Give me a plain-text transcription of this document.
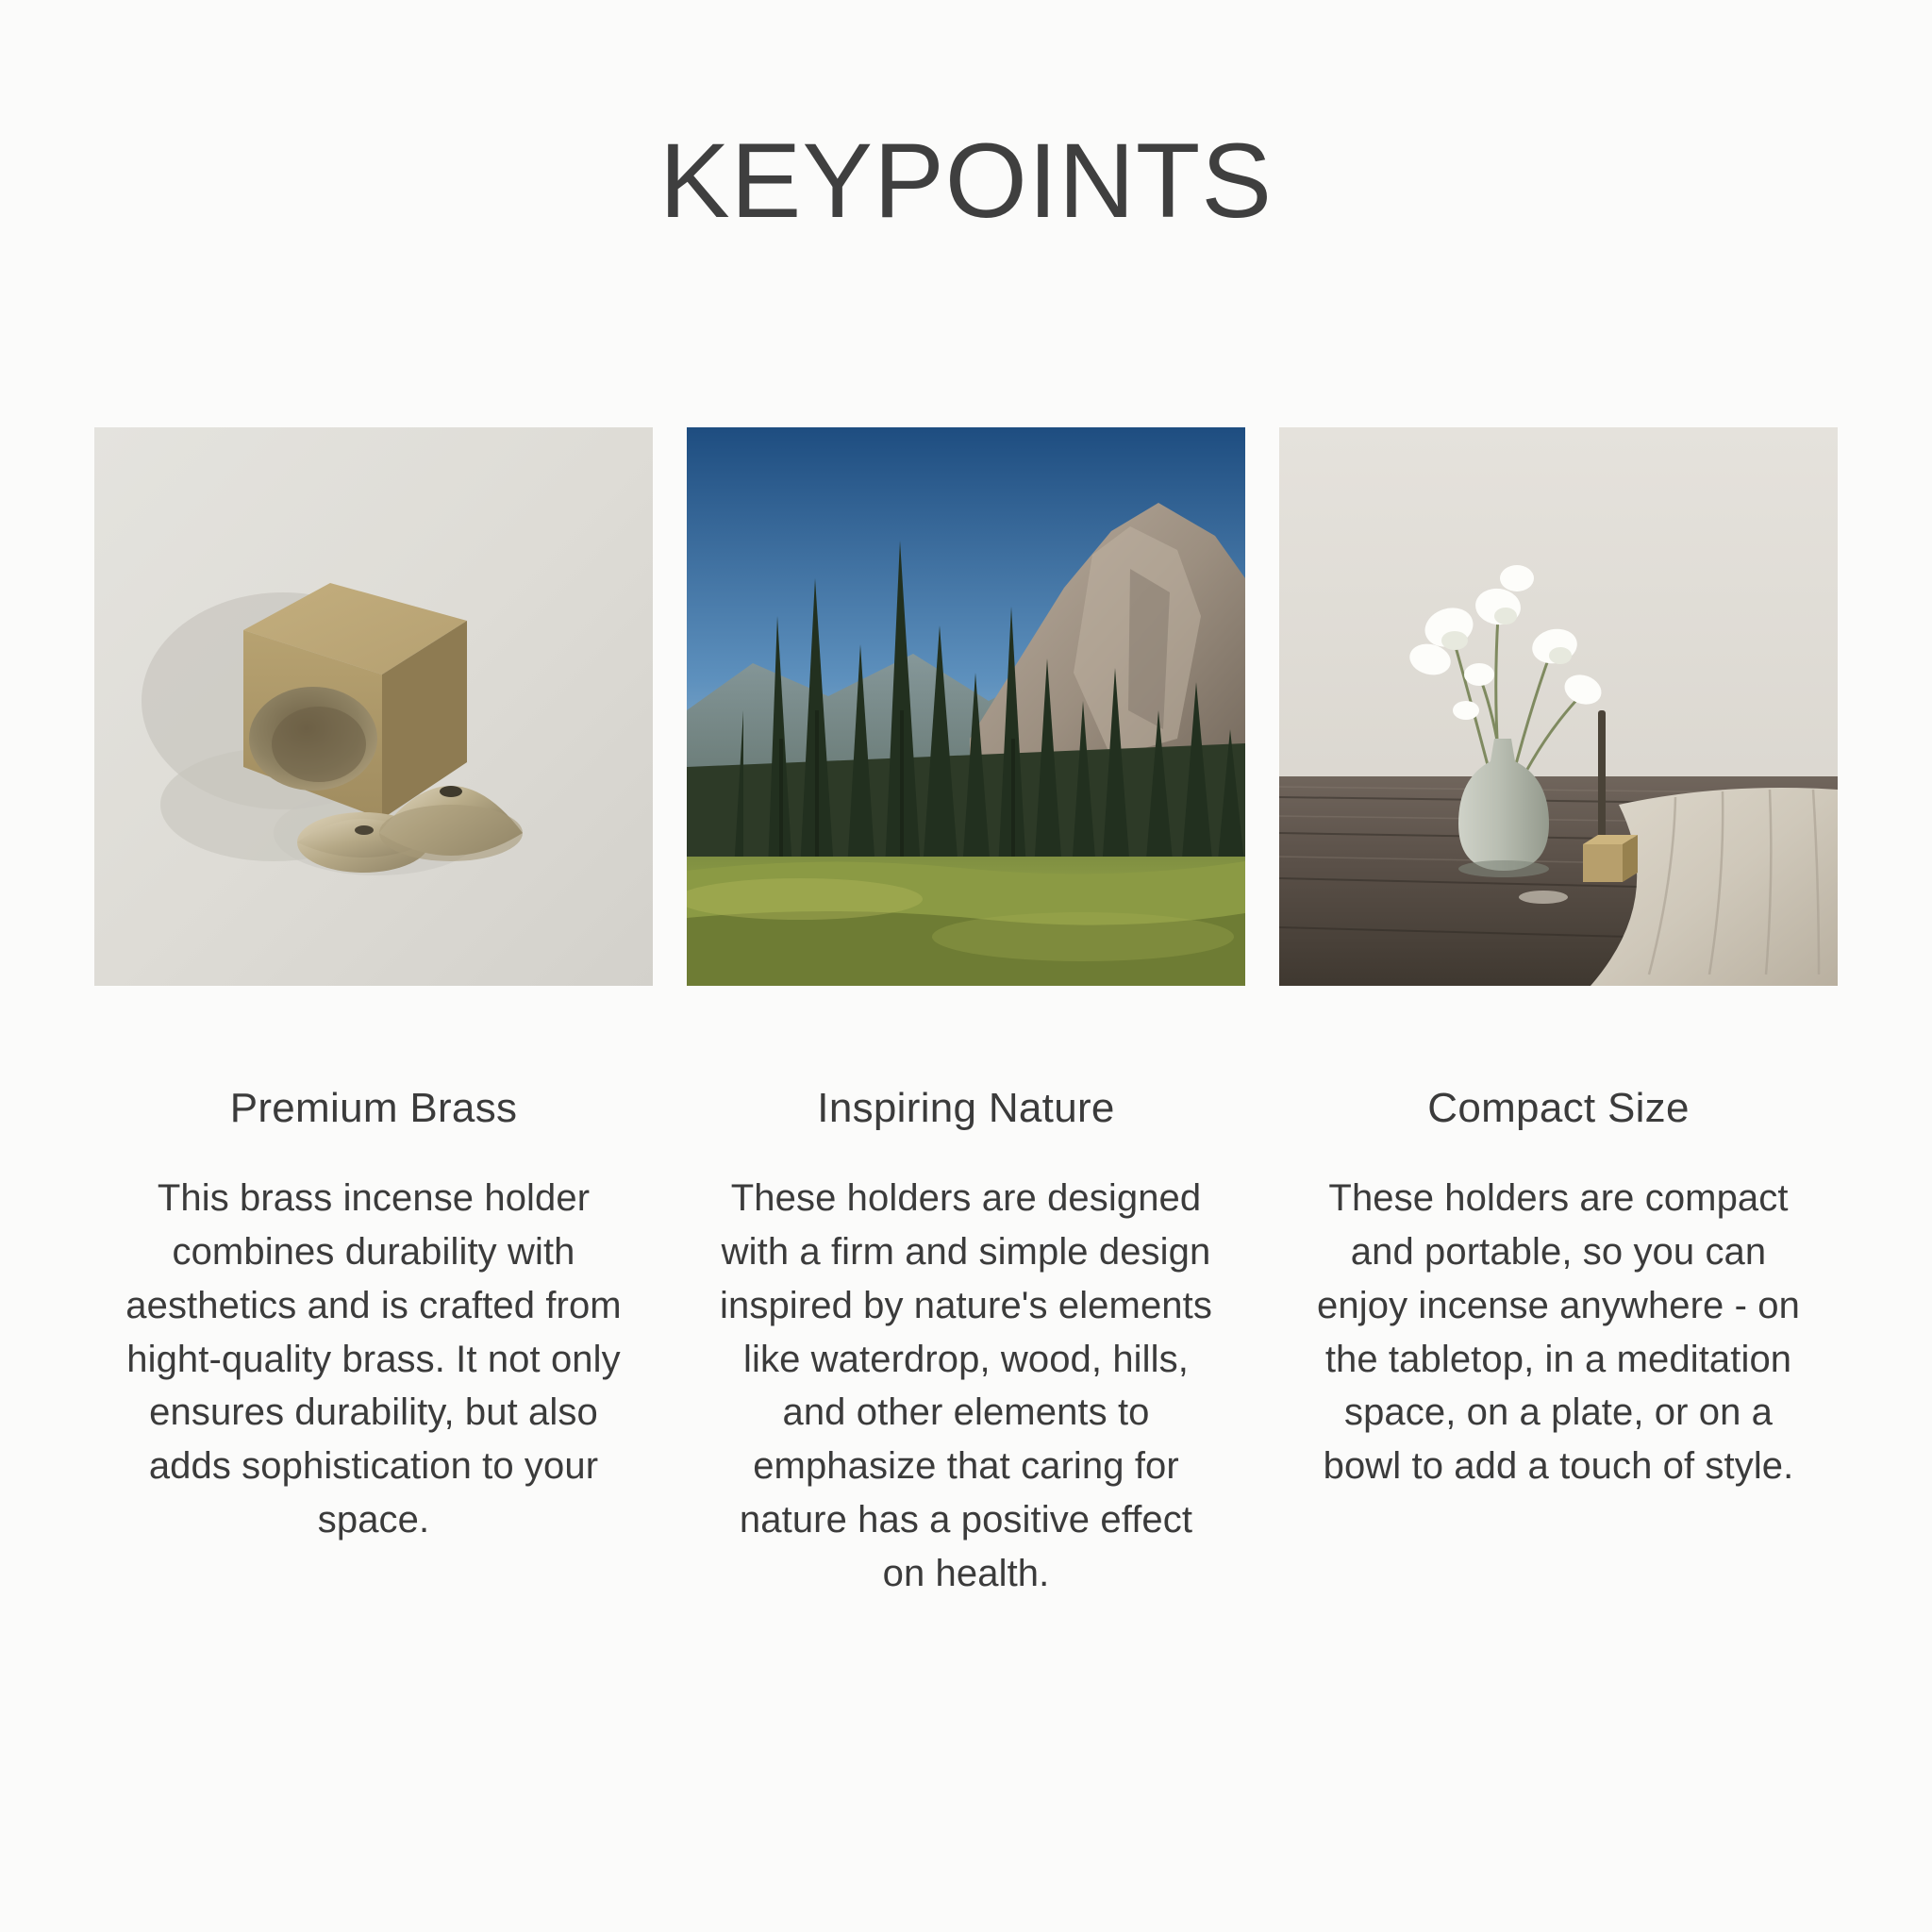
KEYPOINTS
Premium Brass
This brass incense holder combines durability with aesthetics and is crafted from hight-quality brass. It not only ensures durability, but also adds sophistication to your space.
Inspiring Nature
These holders are designed with a firm and simple design inspired by nature's elements like waterdrop, wood, hills, and other elements to emphasize that caring for nature has a positive effect on health.
Compact Size
These holders are compact and portable, so you can enjoy incense anywhere - on the tabletop, in a meditation space, on a plate, or on a bowl to add a touch of style.
